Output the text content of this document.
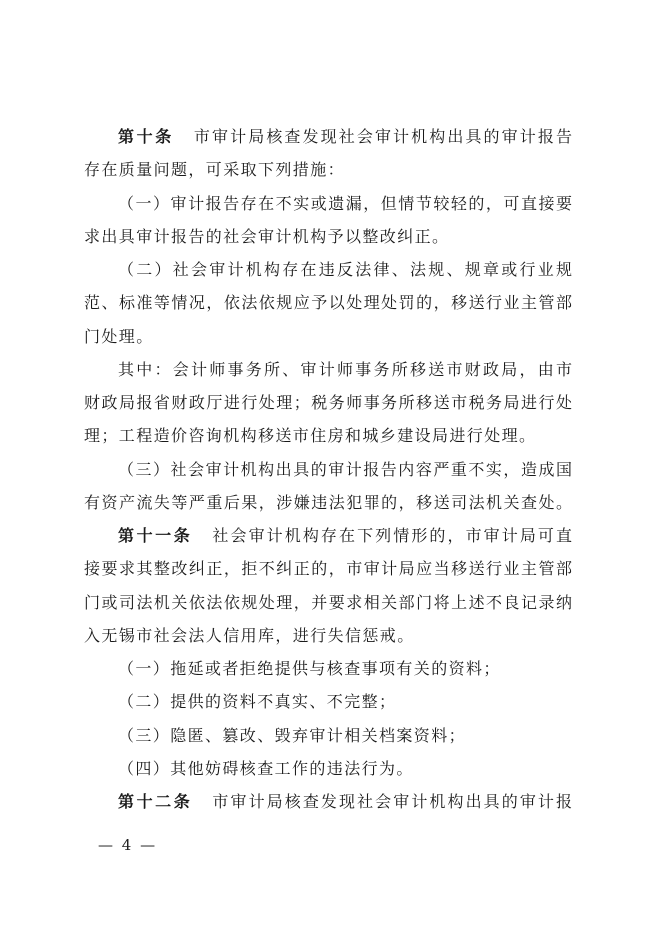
第十条 市审计局核查发现社会审计机构出具的审计报告
存在质量问题，可采取下列措施：
（一）审计报告存在不实或遗漏，但情节较轻的，可直接要
求出具审计报告的社会审计机构予以整改纠正。
（二）社会审计机构存在违反法律、法规、规章或行业规
范、标准等情况，依法依规应予以处理处罚的，移送行业主管部
门处理。
其中：会计师事务所、审计师事务所移送市财政局，由市
财政局报省财政厅进行处理；税务师事务所移送市税务局进行处
理；工程造价咨询机构移送市住房和城乡建设局进行处理。
（三）社会审计机构出具的审计报告内容严重不实，造成国
有资产流失等严重后果，涉嫌违法犯罪的，移送司法机关查处。
第十一条 社会审计机构存在下列情形的，市审计局可直
接要求其整改纠正，拒不纠正的，市审计局应当移送行业主管部
门或司法机关依法依规处理，并要求相关部门将上述不良记录纳
入无锡市社会法人信用库，进行失信惩戒。
（一）拖延或者拒绝提供与核查事项有关的资料；
（二）提供的资料不真实、不完整；
（三）隐匿、篡改、毁弃审计相关档案资料；
（四）其他妨碍核查工作的违法行为。
第十二条 市审计局核查发现社会审计机构出具的审计报
— 4 —
